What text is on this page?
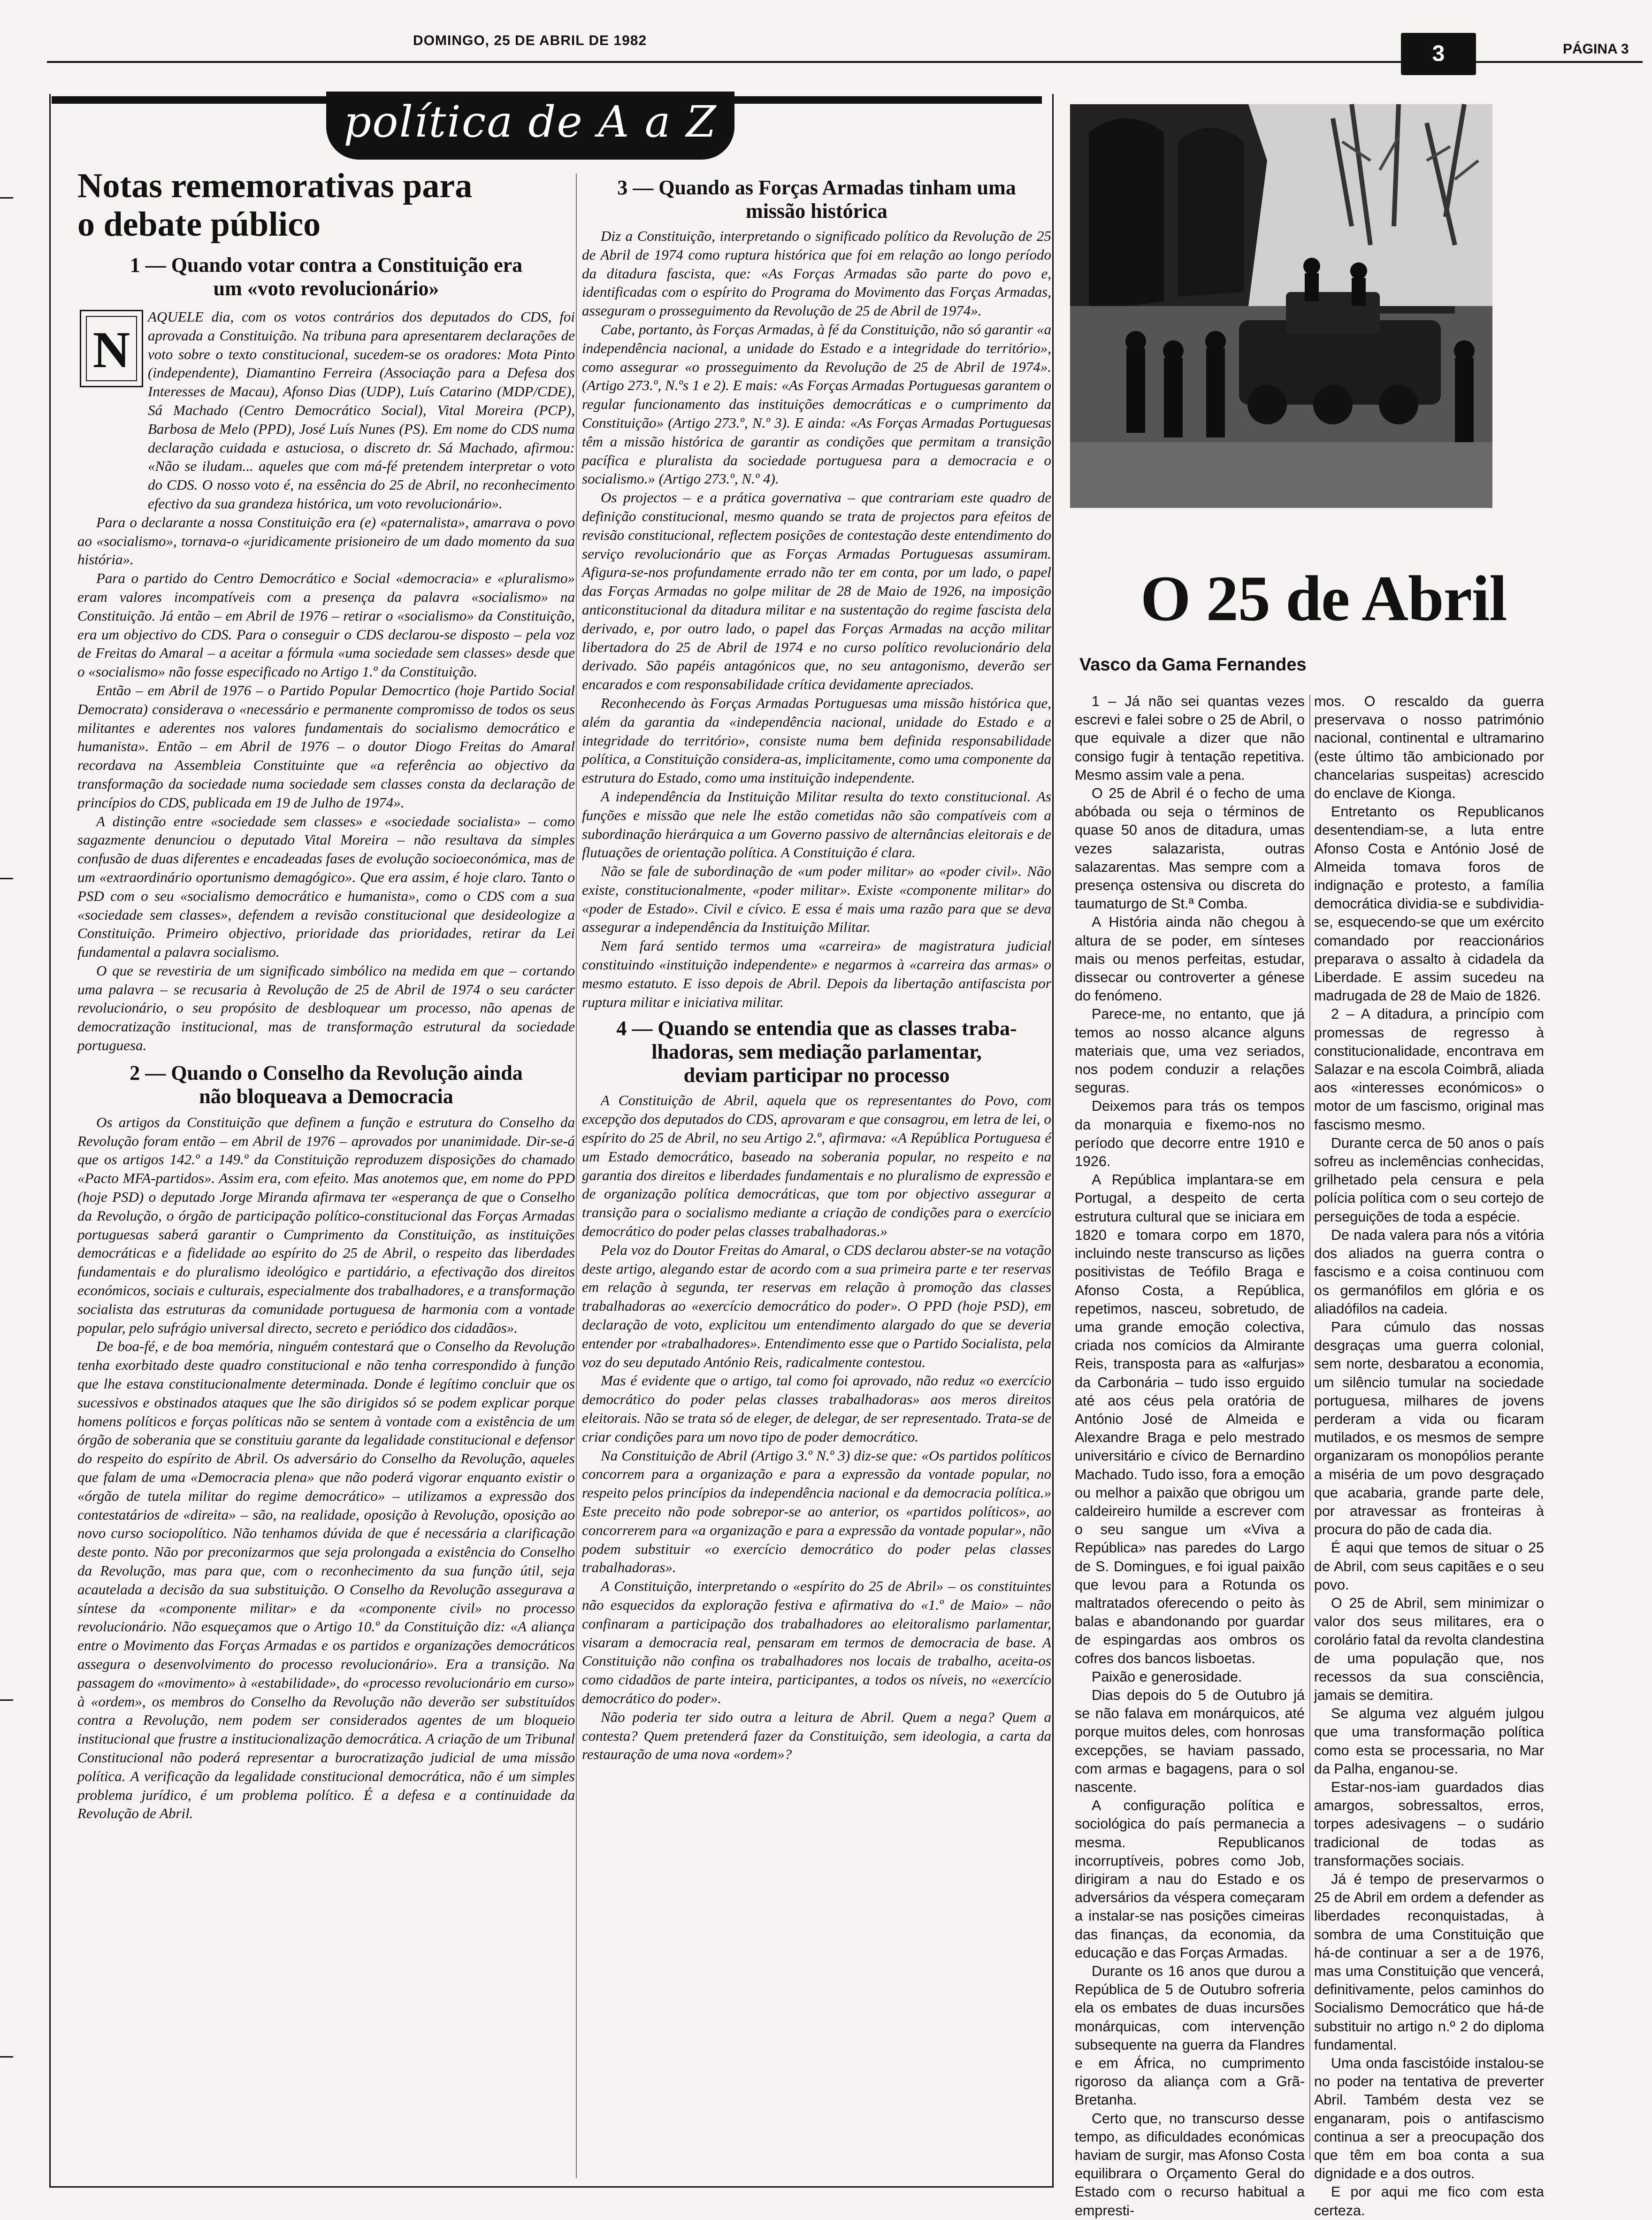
DOMINGO, 25 DE ABRIL DE 1982
3	PÁGINA 3
política de A a Z
Notas rememorativas para
o debate público
1 — Quando votar contra a Constituição era
um «voto revolucionário»
N

AQUELE dia, com os votos contrários dos deputados do CDS, foi aprovada a Constituição. Na tribuna para apresentarem declarações de voto sobre o texto constitucional, sucedem-se os oradores: Mota Pinto (independente), Diamantino Ferreira (Associação para a Defesa dos Interesses de Macau), Afonso Dias (UDP), Luís Catarino (MDP/CDE), Sá Machado (Centro Democrático Social), Vital Moreira (PCP), Barbosa de Melo (PPD), José Luís Nunes (PS). Em nome do CDS numa declaração cuidada e astuciosa, o discreto dr. Sá Machado, afirmou: «Não se iludam... aqueles que com má-fé pretendem interpretar o voto do CDS. O nosso voto é, na essência do 25 de Abril, no reconhecimento efectivo da sua grandeza histórica, um voto revolucionário».

Para o declarante a nossa Constituição era (e) «paternalista», amarrava o povo ao «socialismo», tornava-o «juridicamente prisioneiro de um dado momento da sua história».

Para o partido do Centro Democrático e Social «democracia» e «pluralismo» eram valores incompatíveis com a presença da palavra «socialismo» na Constituição. Já então – em Abril de 1976 – retirar o «socialismo» da Constituição, era um objectivo do CDS. Para o conseguir o CDS declarou-se disposto – pela voz de Freitas do Amaral – a aceitar a fórmula «uma sociedade sem classes» desde que o «socialismo» não fosse especificado no Artigo 1.º da Constituição.

Então – em Abril de 1976 – o Partido Popular Democrtico (hoje Partido Social Democrata) considerava o «necessário e permanente compromisso de todos os seus militantes e aderentes nos valores fundamentais do socialismo democrático e humanista». Então – em Abril de 1976 – o doutor Diogo Freitas do Amaral recordava na Assembleia Constituinte que «a referência ao objectivo da transformação da sociedade numa sociedade sem classes consta da declaração de princípios do CDS, publicada em 19 de Julho de 1974».

A distinção entre «sociedade sem classes» e «sociedade socialista» – como sagazmente denunciou o deputado Vital Moreira – não resultava da simples confusão de duas diferentes e encadeadas fases de evolução socioeconómica, mas de um «extraordinário oportunismo demagógico». Que era assim, é hoje claro. Tanto o PSD com o seu «socialismo democrático e humanista», como o CDS com a sua «sociedade sem classes», defendem a revisão constitucional que desideologize a Constituição. Primeiro objectivo, prioridade das prioridades, retirar da Lei fundamental a palavra socialismo.

O que se revestiria de um significado simbólico na medida em que – cortando uma palavra – se recusaria à Revolução de 25 de Abril de 1974 o seu carácter revolucionário, o seu propósito de desbloquear um processo, não apenas de democratização institucional, mas de transformação estrutural da sociedade portuguesa.

2 — Quando o Conselho da Revolução ainda
não bloqueava a Democracia

Os artigos da Constituição que definem a função e estrutura do Conselho da Revolução foram então – em Abril de 1976 – aprovados por unanimidade. Dir-se-á que os artigos 142.º a 149.º da Constituição reproduzem disposições do chamado «Pacto MFA-partidos». Assim era, com efeito. Mas anotemos que, em nome do PPD (hoje PSD) o deputado Jorge Miranda afirmava ter «esperança de que o Conselho da Revolução, o órgão de participação político-constitucional das Forças Armadas portuguesas saberá garantir o Cumprimento da Constituição, as instituições democráticas e a fidelidade ao espírito do 25 de Abril, o respeito das liberdades fundamentais e do pluralismo ideológico e partidário, a efectivação dos direitos económicos, sociais e culturais, especialmente dos trabalhadores, e a transformação socialista das estruturas da comunidade portuguesa de harmonia com a vontade popular, pelo sufrágio universal directo, secreto e periódico dos cidadãos».

De boa-fé, e de boa memória, ninguém contestará que o Conselho da Revolução tenha exorbitado deste quadro constitucional e não tenha correspondido à função que lhe estava constitucionalmente determinada. Donde é legítimo concluir que os sucessivos e obstinados ataques que lhe são dirigidos só se podem explicar porque homens políticos e forças políticas não se sentem à vontade com a existência de um órgão de soberania que se constituiu garante da legalidade constitucional e defensor do respeito do espírito de Abril. Os adversário do Conselho da Revolução, aqueles que falam de uma «Democracia plena» que não poderá vigorar enquanto existir o «órgão de tutela militar do regime democrático» – utilizamos a expressão dos contestatários de «direita» – são, na realidade, oposição à Revolução, oposição ao novo curso sociopolítico. Não tenhamos dúvida de que é necessária a clarificação deste ponto. Não por preconizarmos que seja prolongada a existência do Conselho da Revolução, mas para que, com o reconhecimento da sua função útil, seja acautelada a decisão da sua substituição. O Conselho da Revolução assegurava a síntese da «componente militar» e da «componente civil» no processo revolucionário. Não esqueçamos que o Artigo 10.º da Constituição diz: «A aliança entre o Movimento das Forças Armadas e os partidos e organizações democráticos assegura o desenvolvimento do processo revolucionário». Era a transição. Na passagem do «movimento» à «estabilidade», do «processo revolucionário em curso» à «ordem», os membros do Conselho da Revolução não deverão ser substituídos contra a Revolução, nem podem ser considerados agentes de um bloqueio institucional que frustre a institucionalização democrática. A criação de um Tribunal Constitucional não poderá representar a burocratização judicial de uma missão política. A verificação da legalidade constitucional democrática, não é um simples problema jurídico, é um problema político. É a defesa e a continuidade da Revolução de Abril.

3 — Quando as Forças Armadas tinham uma
missão histórica

Diz a Constituição, interpretando o significado político da Revolução de 25 de Abril de 1974 como ruptura histórica que foi em relação ao longo período da ditadura fascista, que: «As Forças Armadas são parte do povo e, identificadas com o espírito do Programa do Movimento das Forças Armadas, asseguram o prosseguimento da Revolução de 25 de Abril de 1974».

Cabe, portanto, às Forças Armadas, à fé da Constituição, não só garantir «a independência nacional, a unidade do Estado e a integridade do território», como assegurar «o prosseguimento da Revolução de 25 de Abril de 1974». (Artigo 273.º, N.ºs 1 e 2). E mais: «As Forças Armadas Portuguesas garantem o regular funcionamento das instituições democráticas e o cumprimento da Constituição» (Artigo 273.º, N.º 3). E ainda: «As Forças Armadas Portuguesas têm a missão histórica de garantir as condições que permitam a transição pacífica e pluralista da sociedade portuguesa para a democracia e o socialismo.» (Artigo 273.º, N.º 4).

Os projectos – e a prática governativa – que contrariam este quadro de definição constitucional, mesmo quando se trata de projectos para efeitos de revisão constitucional, reflectem posições de contestação deste entendimento do serviço revolucionário que as Forças Armadas Portuguesas assumiram. Afigura-se-nos profundamente errado não ter em conta, por um lado, o papel das Forças Armadas no golpe militar de 28 de Maio de 1926, na imposição anticonstitucional da ditadura militar e na sustentação do regime fascista dela derivado, e, por outro lado, o papel das Forças Armadas na acção militar libertadora do 25 de Abril de 1974 e no curso político revolucionário dela derivado. São papéis antagónicos que, no seu antagonismo, deverão ser encarados e com responsabilidade crítica devidamente apreciados.

Reconhecendo às Forças Armadas Portuguesas uma missão histórica que, além da garantia da «independência nacional, unidade do Estado e a integridade do território», consiste numa bem definida responsabilidade política, a Constituição considera-as, implicitamente, como uma componente da estrutura do Estado, como uma instituição independente.

A independência da Instituição Militar resulta do texto constitucional. As funções e missão que nele lhe estão cometidas não são compatíveis com a subordinação hierárquica a um Governo passivo de alternâncias eleitorais e de flutuações de orientação política. A Constituição é clara.

Não se fale de subordinação de «um poder militar» ao «poder civil». Não existe, constitucionalmente, «poder militar». Existe «componente militar» do «poder de Estado». Civil e cívico. E essa é mais uma razão para que se deva assegurar a independência da Instituição Militar.

Nem fará sentido termos uma «carreira» de magistratura judicial constituindo «instituição independente» e negarmos à «carreira das armas» o mesmo estatuto. E isso depois de Abril. Depois da libertação antifascista por ruptura militar e iniciativa militar.

4 — Quando se entendia que as classes traba-
lhadoras, sem mediação parlamentar,
deviam participar no processo

A Constituição de Abril, aquela que os representantes do Povo, com excepção dos deputados do CDS, aprovaram e que consagrou, em letra de lei, o espírito do 25 de Abril, no seu Artigo 2.º, afirmava: «A República Portuguesa é um Estado democrático, baseado na soberania popular, no respeito e na garantia dos direitos e liberdades fundamentais e no pluralismo de expressão e de organização política democráticas, que tom por objectivo assegurar a transição para o socialismo mediante a criação de condições para o exercício democrático do poder pelas classes trabalhadoras.»

Pela voz do Doutor Freitas do Amaral, o CDS declarou abster-se na votação deste artigo, alegando estar de acordo com a sua primeira parte e ter reservas em relação à segunda, ter reservas em relação à promoção das classes trabalhadoras ao «exercício democrático do poder». O PPD (hoje PSD), em declaração de voto, explicitou um entendimento alargado do que se deveria entender por «trabalhadores». Entendimento esse que o Partido Socialista, pela voz do seu deputado António Reis, radicalmente contestou.

Mas é evidente que o artigo, tal como foi aprovado, não reduz «o exercício democrático do poder pelas classes trabalhadoras» aos meros direitos eleitorais. Não se trata só de eleger, de delegar, de ser representado. Trata-se de criar condições para um novo tipo de poder democrático.

Na Constituição de Abril (Artigo 3.º N.º 3) diz-se que: «Os partidos políticos concorrem para a organização e para a expressão da vontade popular, no respeito pelos princípios da independência nacional e da democracia política.» Este preceito não pode sobrepor-se ao anterior, os «partidos políticos», ao concorrerem para «a organização e para a expressão da vontade popular», não podem substituir «o exercício democrático do poder pelas classes trabalhadoras».

A Constituição, interpretando o «espírito do 25 de Abril» – os constituintes não esquecidos da exploração festiva e afirmativa do «1.º de Maio» – não confinaram a participação dos trabalhadores ao eleitoralismo parlamentar, visaram a democracia real, pensaram em termos de democracia de base. A Constituição não confina os trabalhadores nos locais de trabalho, aceita-os como cidadãos de parte inteira, participantes, a todos os níveis, no «exercício democrático do poder».

Não poderia ter sido outra a leitura de Abril. Quem a nega? Quem a contesta? Quem pretenderá fazer da Constituição, sem ideologia, a carta da restauração de uma nova «ordem»?

O 25 de Abril
Vasco da Gama Fernandes

1 – Já não sei quantas vezes escrevi e falei sobre o 25 de Abril, o que equivale a dizer que não consigo fugir à tentação repetitiva. Mesmo assim vale a pena.

O 25 de Abril é o fecho de uma abóbada ou seja o términos de quase 50 anos de ditadura, umas vezes salazarista, outras salazarentas. Mas sempre com a presença ostensiva ou discreta do taumaturgo de St.ª Comba.

A História ainda não chegou à altura de se poder, em sínteses mais ou menos perfeitas, estudar, dissecar ou controverter a génese do fenómeno.

Parece-me, no entanto, que já temos ao nosso alcance alguns materiais que, uma vez seriados, nos podem conduzir a relações seguras.

Deixemos para trás os tempos da monarquia e fixemo-nos no período que decorre entre 1910 e 1926.

A República implantara-se em Portugal, a despeito de certa estrutura cultural que se iniciara em 1820 e tomara corpo em 1870, incluindo neste transcurso as lições positivistas de Teófilo Braga e Afonso Costa, a República, repetimos, nasceu, sobretudo, de uma grande emoção colectiva, criada nos comícios da Almirante Reis, transposta para as «alfurjas» da Carbonária – tudo isso erguido até aos céus pela oratória de António José de Almeida e Alexandre Braga e pelo mestrado universitário e cívico de Bernardino Machado. Tudo isso, fora a emoção ou melhor a paixão que obrigou um caldeireiro humilde a escrever com o seu sangue um «Viva a República» nas paredes do Largo de S. Domingues, e foi igual paixão que levou para a Rotunda os maltratados oferecendo o peito às balas e abandonando por guardar de espingardas aos ombros os cofres dos bancos lisboetas.

Paixão e generosidade.

Dias depois do 5 de Outubro já se não falava em monárquicos, até porque muitos deles, com honrosas excepções, se haviam passado, com armas e bagagens, para o sol nascente.

A configuração política e sociológica do país permanecia a mesma. Republicanos incorruptíveis, pobres como Job, dirigiram a nau do Estado e os adversários da véspera começaram a instalar-se nas posições cimeiras das finanças, da economia, da educação e das Forças Armadas.

Durante os 16 anos que durou a República de 5 de Outubro sofreria ela os embates de duas incursões monárquicas, com intervenção subsequente na guerra da Flandres e em África, no cumprimento rigoroso da aliança com a Grã-Bretanha.

Certo que, no transcurso desse tempo, as dificuldades económicas haviam de surgir, mas Afonso Costa equilibrara o Orçamento Geral do Estado com o recurso habitual a empresti-

mos. O rescaldo da guerra preservava o nosso património nacional, continental e ultramarino (este último tão ambicionado por chancelarias suspeitas) acrescido do enclave de Kionga.

Entretanto os Republicanos desentendiam-se, a luta entre Afonso Costa e António José de Almeida tomava foros de indignação e protesto, a família democrática dividia-se e subdividia-se, esquecendo-se que um exército comandado por reaccionários preparava o assalto à cidadela da Liberdade. E assim sucedeu na madrugada de 28 de Maio de 1826.

2 – A ditadura, a princípio com promessas de regresso à constitucionalidade, encontrava em Salazar e na escola Coimbrã, aliada aos «interesses económicos» o motor de um fascismo, original mas fascismo mesmo.

Durante cerca de 50 anos o país sofreu as inclemências conhecidas, grilhetado pela censura e pela polícia política com o seu cortejo de perseguições de toda a espécie.

De nada valera para nós a vitória dos aliados na guerra contra o fascismo e a coisa continuou com os germanófilos em glória e os aliadófilos na cadeia.

Para cúmulo das nossas desgraças uma guerra colonial, sem norte, desbaratou a economia, um silêncio tumular na sociedade portuguesa, milhares de jovens perderam a vida ou ficaram mutilados, e os mesmos de sempre organizaram os monopólios perante a miséria de um povo desgraçado que acabaria, grande parte dele, por atravessar as fronteiras à procura do pão de cada dia.

É aqui que temos de situar o 25 de Abril, com seus capitães e o seu povo.

O 25 de Abril, sem minimizar o valor dos seus militares, era o corolário fatal da revolta clandestina de uma população que, nos recessos da sua consciência, jamais se demitira.

Se alguma vez alguém julgou que uma transformação política como esta se processaria, no Mar da Palha, enganou-se.

Estar-nos-iam guardados dias amargos, sobressaltos, erros, torpes adesivagens – o sudário tradicional de todas as transformações sociais.

Já é tempo de preservarmos o 25 de Abril em ordem a defender as liberdades reconquistadas, à sombra de uma Constituição que há-de continuar a ser a de 1976, mas uma Constituição que vencerá, definitivamente, pelos caminhos do Socialismo Democrático que há-de substituir no artigo n.º 2 do diploma fundamental.

Uma onda fascistóide instalou-se no poder na tentativa de preverter Abril. Também desta vez se enganaram, pois o antifascismo continua a ser a preocupação dos que têm em boa conta a sua dignidade e a dos outros.

E por aqui me fico com esta certeza.
